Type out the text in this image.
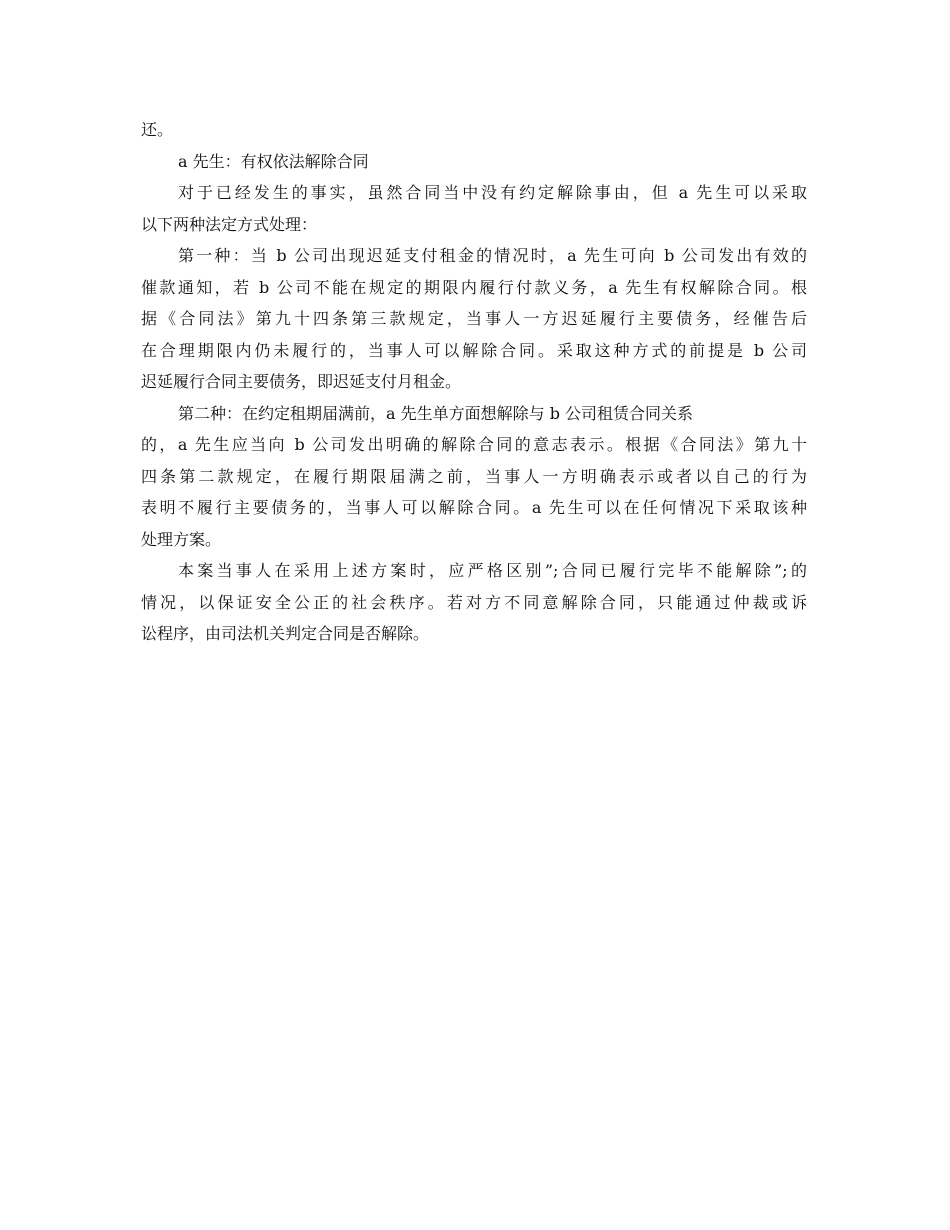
还。
a 先生：有权依法解除合同
对于已经发生的事实，虽然合同当中没有约定解除事由，但 a 先生可以采取
以下两种法定方式处理：
第一种：当 b 公司出现迟延支付租金的情况时，a 先生可向 b 公司发出有效的
催款通知，若 b 公司不能在规定的期限内履行付款义务，a 先生有权解除合同。根
据《合同法》第九十四条第三款规定，当事人一方迟延履行主要债务，经催告后
在合理期限内仍未履行的，当事人可以解除合同。采取这种方式的前提是 b 公司
迟延履行合同主要债务，即迟延支付月租金。
第二种：在约定租期届满前，a 先生单方面想解除与 b 公司租赁合同关系
的，a 先生应当向 b 公司发出明确的解除合同的意志表示。根据《合同法》第九十
四条第二款规定，在履行期限届满之前，当事人一方明确表示或者以自己的行为
表明不履行主要债务的，当事人可以解除合同。a 先生可以在任何情况下采取该种
处理方案。
本案当事人在采用上述方案时，应严格区别”;合同已履行完毕不能解除”;的
情况，以保证安全公正的社会秩序。若对方不同意解除合同，只能通过仲裁或诉
讼程序，由司法机关判定合同是否解除。
